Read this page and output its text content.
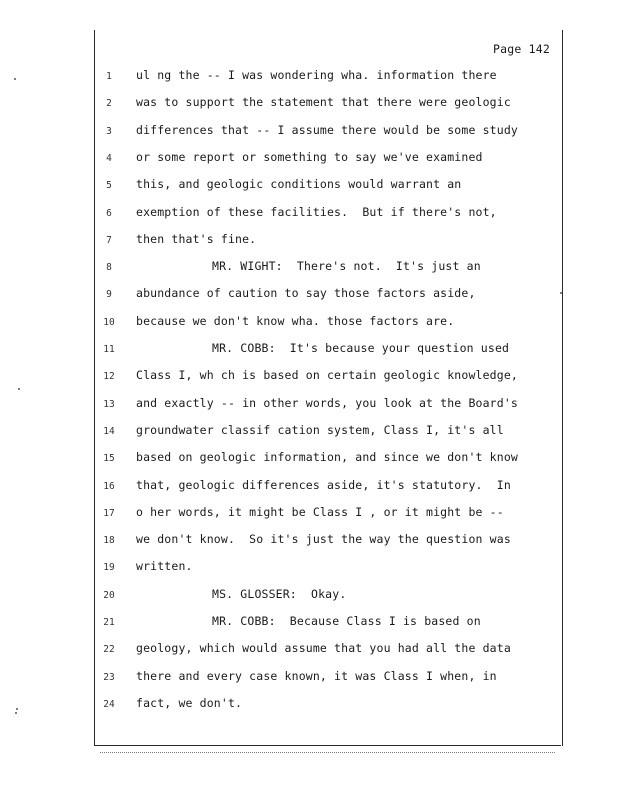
Page 142
1	ul ng the -- I was wondering wha. information there
2	was to support the statement that there were geologic
3	differences that -- I assume there would be some study
4	or some report or something to say we've examined
5	this, and geologic conditions would warrant an
6	exemption of these facilities.  But if there's not,
7	then that's fine.
8	MR. WIGHT:  There's not.  It's just an
9	abundance of caution to say those factors aside,
10	because we don't know wha. those factors are.
11	MR. COBB:  It's because your question used
12	Class I, wh ch is based on certain geologic knowledge,
13	and exactly -- in other words, you look at the Board's
14	groundwater classif cation system, Class I, it's all
15	based on geologic information, and since we don't know
16	that, geologic differences aside, it's statutory.  In
17	o her words, it might be Class I , or it might be --
18	we don't know.  So it's just the way the question was
19	written.
20	MS. GLOSSER:  Okay.
21	MR. COBB:  Because Class I is based on
22	geology, which would assume that you had all the data
23	there and every case known, it was Class I when, in
24	fact, we don't.
